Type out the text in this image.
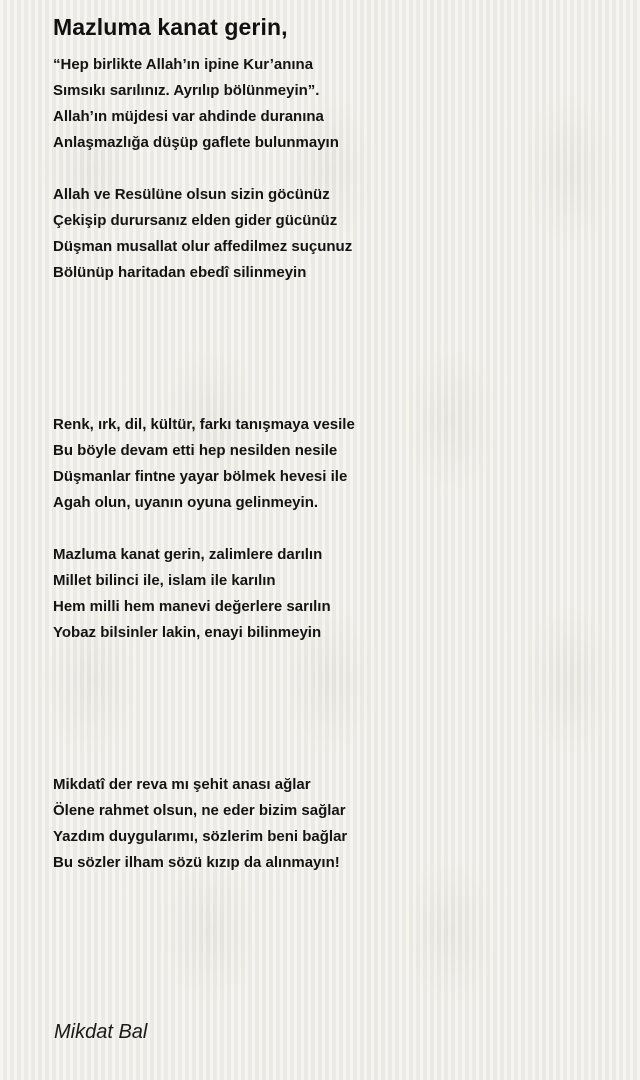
Mazluma kanat gerin,
“Hep birlikte Allah’ın ipine Kur’anına
Sımsıkı sarılınız. Ayrılıp bölünmeyin”.
Allah’ın müjdesi var ahdinde duranına
Anlaşmazlığa düşüp gaflete bulunmayın
Allah ve Resülüne olsun sizin göcünüz
Çekişip durursanız elden gider gücünüz
Düşman musallat olur affedilmez suçunuz
Bölünüp haritadan ebedî silinmeyin
Renk, ırk, dil, kültür, farkı tanışmaya vesile
Bu böyle devam etti hep nesilden nesile
Düşmanlar fintne yayar bölmek hevesi ile
Agah olun, uyanın oyuna gelinmeyin.
Mazluma kanat gerin, zalimlere darılın
Millet bilinci ile, islam ile karılın
Hem milli hem manevi değerlere sarılın
Yobaz bilsinler lakin, enayi bilinmeyin
Mikdatî der reva mı şehit anası ağlar
Ölene rahmet olsun, ne eder bizim sağlar
Yazdım duygularımı, sözlerim beni bağlar
Bu sözler ilham sözü kızıp da alınmayın!

Mikdat Bal
